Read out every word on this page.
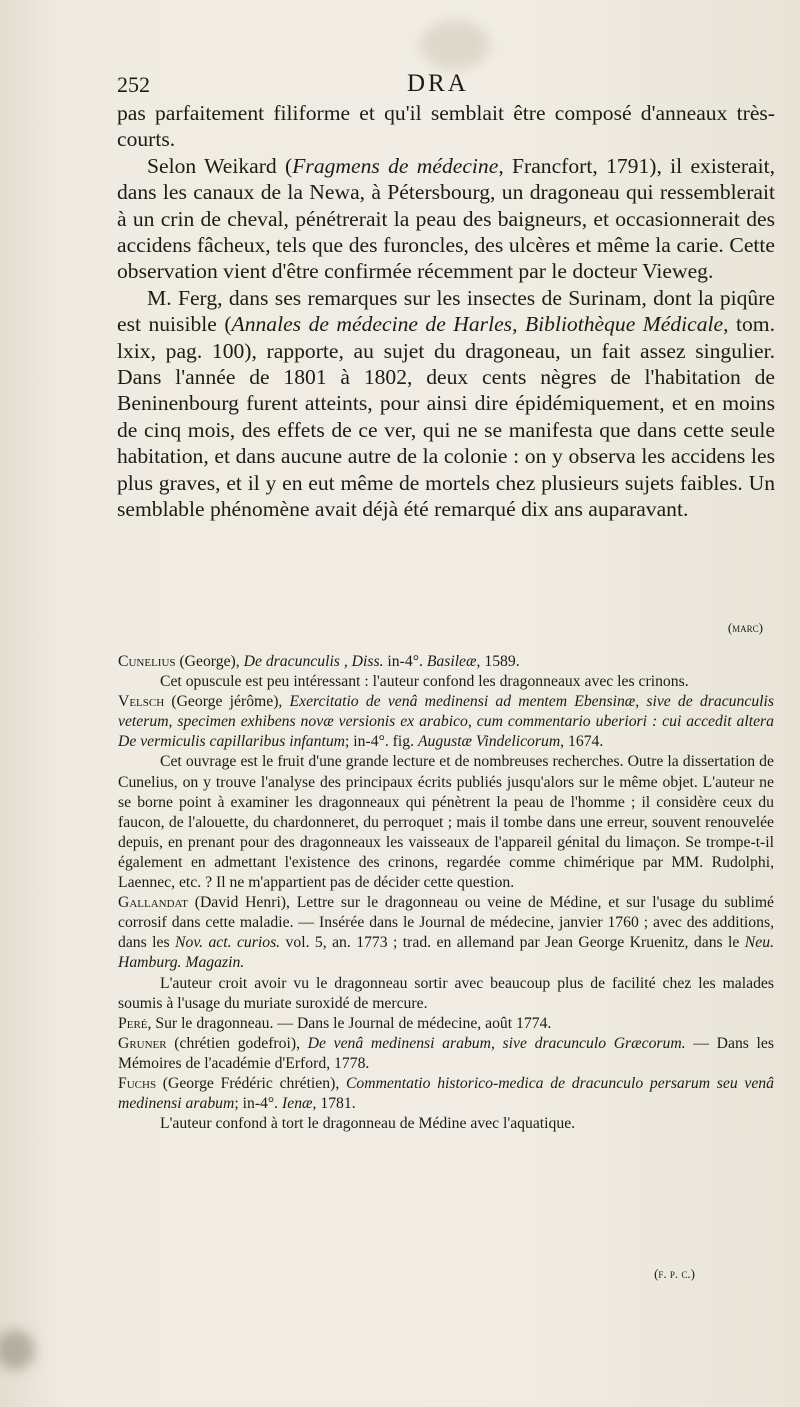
252	DRA

pas parfaitement filiforme et qu'il semblait être composé d'anneaux très-courts.

Selon Weikard (Fragmens de médecine, Francfort, 1791), il existerait, dans les canaux de la Newa, à Pétersbourg, un dragoneau qui ressemblerait à un crin de cheval, pénétrerait la peau des baigneurs, et occasionnerait des accidens fâcheux, tels que des furoncles, des ulcères et même la carie. Cette observation vient d'être confirmée récemment par le docteur Vieweg.

M. Ferg, dans ses remarques sur les insectes de Surinam, dont la piqûre est nuisible (Annales de médecine de Harles, Bibliothèque Médicale, tom. lxix, pag. 100), rapporte, au sujet du dragoneau, un fait assez singulier. Dans l'année de 1801 à 1802, deux cents nègres de l'habitation de Beninenbourg furent atteints, pour ainsi dire épidémiquement, et en moins de cinq mois, des effets de ce ver, qui ne se manifesta que dans cette seule habitation, et dans aucune autre de la colonie : on y observa les accidens les plus graves, et il y en eut même de mortels chez plusieurs sujets faibles. Un semblable phénomène avait déjà été remarqué dix ans auparavant.

(marc)

Cunelius (George), De dracunculis , Diss. in-4°. Basileæ, 1589.

Cet opuscule est peu intéressant : l'auteur confond les dragonneaux avec les crinons.

Velsch (George jérôme), Exercitatio de venâ medinensi ad mentem Ebensinæ, sive de dracunculis veterum, specimen exhibens novæ versionis ex arabico, cum commentario uberiori : cui accedit altera De vermiculis capillaribus infantum; in-4°. fig. Augustæ Vindelicorum, 1674.

Cet ouvrage est le fruit d'une grande lecture et de nombreuses recherches. Outre la dissertation de Cunelius, on y trouve l'analyse des principaux écrits publiés jusqu'alors sur le même objet. L'auteur ne se borne point à examiner les dragonneaux qui pénètrent la peau de l'homme ; il considère ceux du faucon, de l'alouette, du chardonneret, du perroquet ; mais il tombe dans une erreur, souvent renouvelée depuis, en prenant pour des dragonneaux les vaisseaux de l'appareil génital du limaçon. Se trompe-t-il également en admettant l'existence des crinons, regardée comme chimérique par MM. Rudolphi, Laennec, etc. ? Il ne m'appartient pas de décider cette question.

Gallandat (David Henri), Lettre sur le dragonneau ou veine de Médine, et sur l'usage du sublimé corrosif dans cette maladie. — Insérée dans le Journal de médecine, janvier 1760 ; avec des additions, dans les Nov. act. curios. vol. 5, an. 1773 ; trad. en allemand par Jean George Kruenitz, dans le Neu. Hamburg. Magazin.

L'auteur croit avoir vu le dragonneau sortir avec beaucoup plus de facilité chez les malades soumis à l'usage du muriate suroxidé de mercure.

Peré, Sur le dragonneau. — Dans le Journal de médecine, août 1774.

Gruner (chrétien godefroi), De venâ medinensi arabum, sive dracunculo Græcorum. — Dans les Mémoires de l'académie d'Erford, 1778.

Fuchs (George Frédéric chrétien), Commentatio historico-medica de dracunculo persarum seu venâ medinensi arabum; in-4°. Ienæ, 1781.

L'auteur confond à tort le dragonneau de Médine avec l'aquatique.

(f. p. c.)
